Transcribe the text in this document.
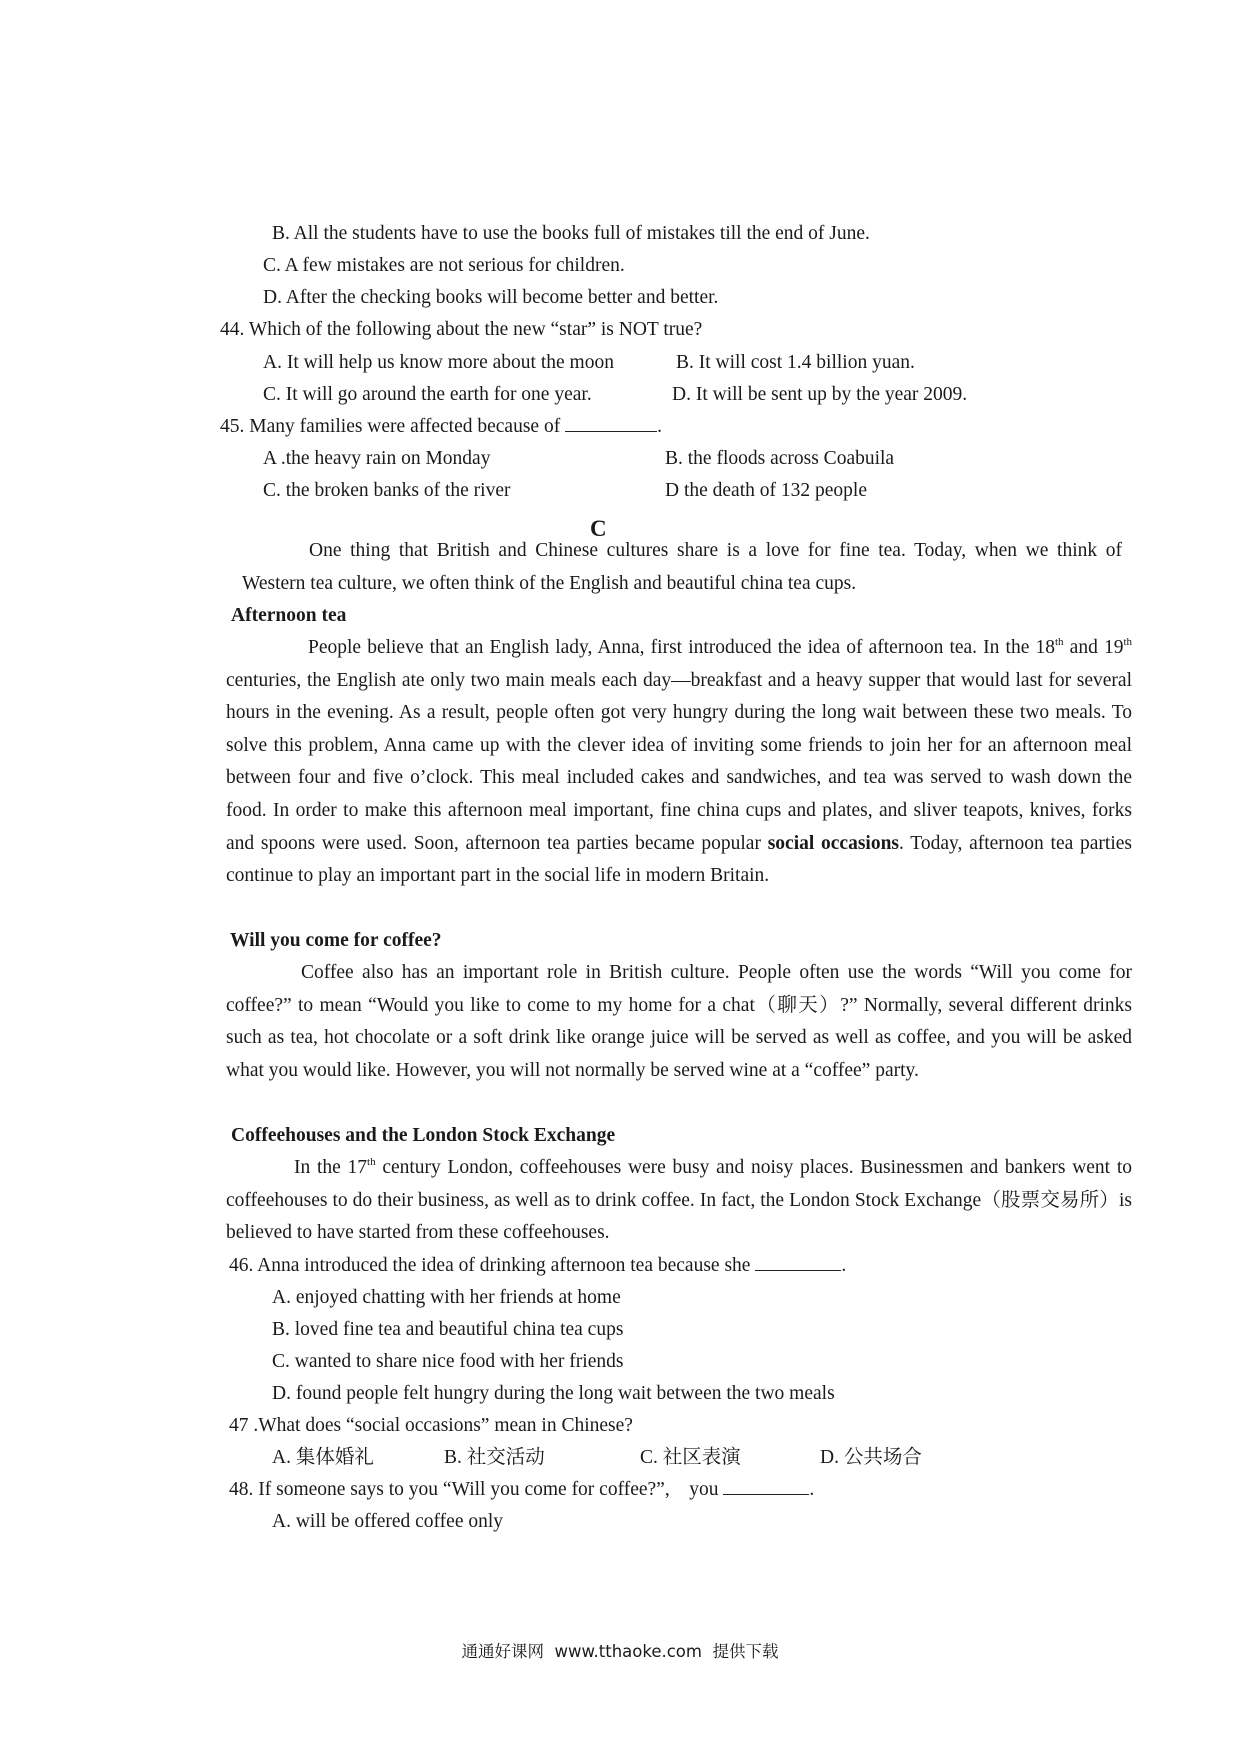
B. All the students have to use the books full of mistakes till the end of June.
C. A few mistakes are not serious for children.
D. After the checking books will become better and better.
44. Which of the following about the new “star” is NOT true?
A. It will help us know more about the moon	B. It will cost 1.4 billion yuan.
C. It will go around the earth for one year.	D. It will be sent up by the year 2009.
45. Many families were affected because of	.
A .the heavy rain on Monday	B. the floods across Coabuila
C. the broken banks of the river	D the death of 132 people
C

One thing that British and Chinese cultures share is a love for fine tea. Today, when we think of Western tea culture, we often think of the English and beautiful china tea cups.

Afternoon tea

People believe that an English lady, Anna, first introduced the idea of afternoon tea. In the 18th and 19th centuries, the English ate only two main meals each day—breakfast and a heavy supper that would last for several hours in the evening. As a result, people often got very hungry during the long wait between these two meals. To solve this problem, Anna came up with the clever idea of inviting some friends to join her for an afternoon meal between four and five o’clock. This meal included cakes and sandwiches, and tea was served to wash down the food. In order to make this afternoon meal important, fine china cups and plates, and sliver teapots, knives, forks and spoons were used. Soon, afternoon tea parties became popular social occasions. Today, afternoon tea parties continue to play an important part in the social life in modern Britain.

Will you come for coffee?

Coffee also has an important role in British culture. People often use the words “Will you come for coffee?” to mean “Would you like to come to my home for a chat（聊天）?” Normally, several different drinks such as tea, hot chocolate or a soft drink like orange juice will be served as well as coffee, and you will be asked what you would like. However, you will not normally be served wine at a “coffee” party.

Coffeehouses and the London Stock Exchange

In the 17th century London, coffeehouses were busy and noisy places. Businessmen and bankers went to coffeehouses to do their business, as well as to drink coffee. In fact, the London Stock Exchange（股票交易所）is believed to have started from these coffeehouses.

46. Anna introduced the idea of drinking afternoon tea because she	.
A. enjoyed chatting with her friends at home
B. loved fine tea and beautiful china tea cups
C. wanted to share nice food with her friends
D. found people felt hungry during the long wait between the two meals
47 .What does “social occasions” mean in Chinese?
A. 集体婚礼	B. 社交活动	C. 社区表演	D. 公共场合
48. If someone says to you “Will you come for coffee?”,    you	.
A. will be offered coffee only
通通好课网  www.tthaoke.com  提供下载
